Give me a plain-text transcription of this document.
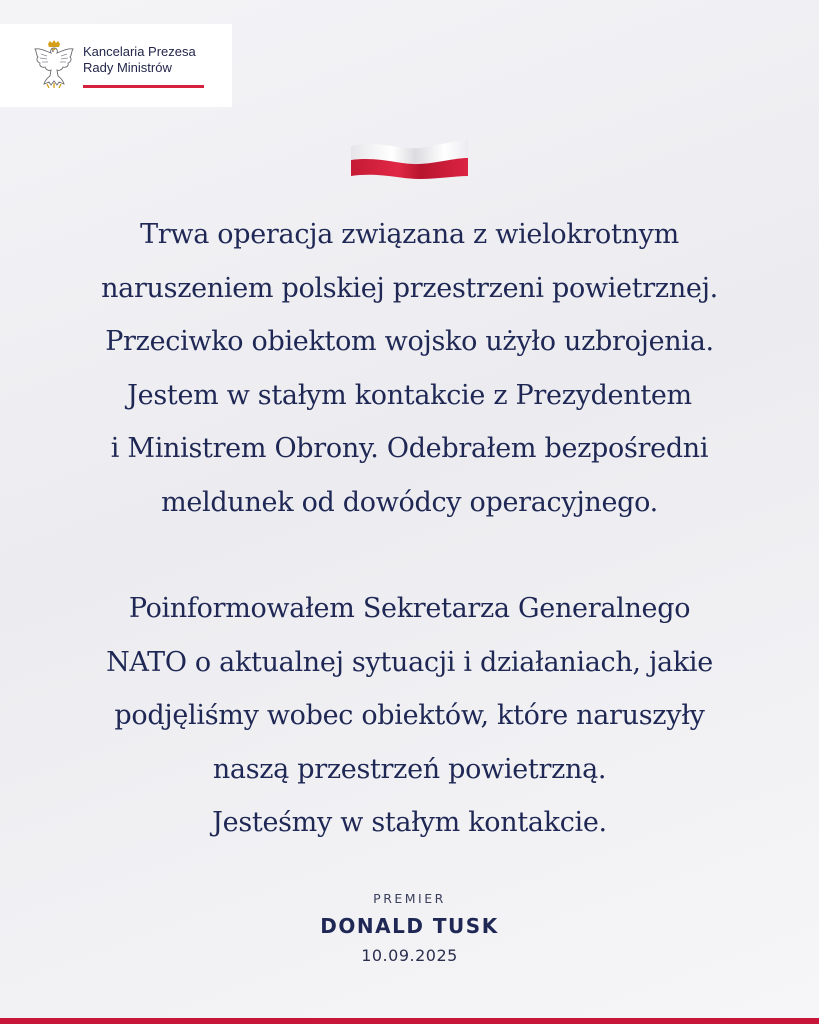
Kancelaria Prezesa
Rady Ministrów
Trwa operacja związana z wielokrotnym
naruszeniem polskiej przestrzeni powietrznej.
Przeciwko obiektom wojsko użyło uzbrojenia.
Jestem w stałym kontakcie z Prezydentem
i Ministrem Obrony. Odebrałem bezpośredni
meldunek od dowódcy operacyjnego.
Poinformowałem Sekretarza Generalnego
NATO o aktualnej sytuacji i działaniach, jakie
podjęliśmy wobec obiektów, które naruszyły
naszą przestrzeń powietrzną.
Jesteśmy w stałym kontakcie.
PREMIER
DONALD TUSK
10.09.2025
